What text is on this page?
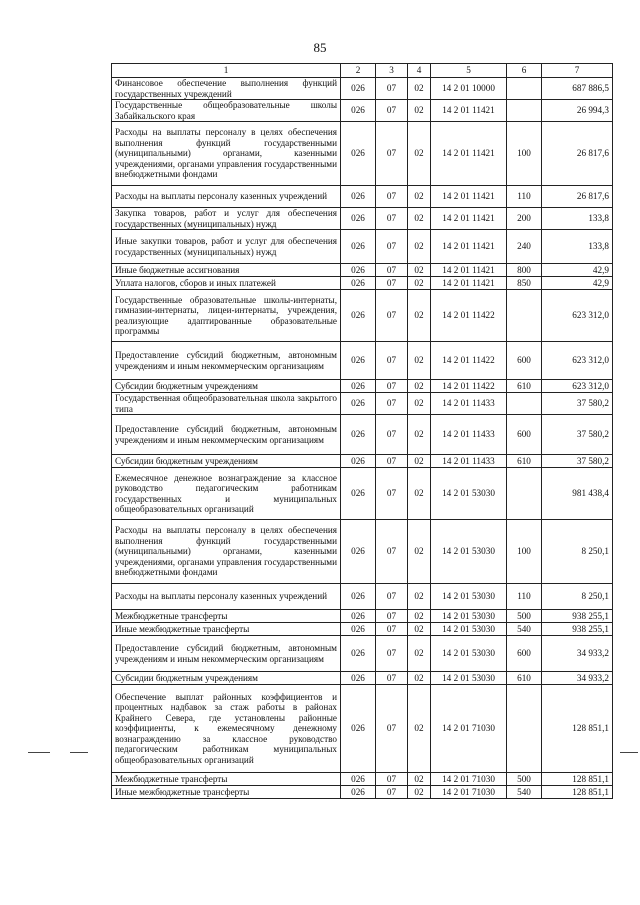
85
1	2	3	4	5	6	7
Финансовое обеспечение выполнения функций государственных учреждений	026	07	02	14 2 01 10000		687 886,5
Государственные общеобразовательные школы Забайкальского края	026	07	02	14 2 01 11421		26 994,3
Расходы на выплаты персоналу в целях обеспечения выполнения функций государственными (муниципальными) органами, казенными учреждениями, органами управления государственными внебюджетными фондами	026	07	02	14 2 01 11421	100	26 817,6
Расходы на выплаты персоналу казенных учреждений	026	07	02	14 2 01 11421	110	26 817,6
Закупка товаров, работ и услуг для обеспечения государственных (муниципальных) нужд	026	07	02	14 2 01 11421	200	133,8
Иные закупки товаров, работ и услуг для обеспечения государственных (муниципальных) нужд	026	07	02	14 2 01 11421	240	133,8
Иные бюджетные ассигнования	026	07	02	14 2 01 11421	800	42,9
Уплата налогов, сборов и иных платежей	026	07	02	14 2 01 11421	850	42,9
Государственные образовательные школы-интернаты, гимназии-интернаты, лицеи-интернаты, учреждения, реализующие адаптированные образовательные программы	026	07	02	14 2 01 11422		623 312,0
Предоставление субсидий бюджетным, автономным учреждениям и иным некоммерческим организациям	026	07	02	14 2 01 11422	600	623 312,0
Субсидии бюджетным учреждениям	026	07	02	14 2 01 11422	610	623 312,0
Государственная общеобразовательная школа закрытого типа	026	07	02	14 2 01 11433		37 580,2
Предоставление субсидий бюджетным, автономным учреждениям и иным некоммерческим организациям	026	07	02	14 2 01 11433	600	37 580,2
Субсидии бюджетным учреждениям	026	07	02	14 2 01 11433	610	37 580,2
Ежемесячное денежное вознаграждение за классное руководство педагогическим работникам государственных и муниципальных общеобразовательных организаций	026	07	02	14 2 01 53030		981 438,4
Расходы на выплаты персоналу в целях обеспечения выполнения функций государственными (муниципальными) органами, казенными учреждениями, органами управления государственными внебюджетными фондами	026	07	02	14 2 01 53030	100	8 250,1
Расходы на выплаты персоналу казенных учреждений	026	07	02	14 2 01 53030	110	8 250,1
Межбюджетные трансферты	026	07	02	14 2 01 53030	500	938 255,1
Иные межбюджетные трансферты	026	07	02	14 2 01 53030	540	938 255,1
Предоставление субсидий бюджетным, автономным учреждениям и иным некоммерческим организациям	026	07	02	14 2 01 53030	600	34 933,2
Субсидии бюджетным учреждениям	026	07	02	14 2 01 53030	610	34 933,2
Обеспечение выплат районных коэффициентов и процентных надбавок за стаж работы в районах Крайнего Севера, где установлены районные коэффициенты, к ежемесячному денежному вознаграждению за классное руководство педагогическим работникам муниципальных общеобразовательных организаций	026	07	02	14 2 01 71030		128 851,1
Межбюджетные трансферты	026	07	02	14 2 01 71030	500	128 851,1
Иные межбюджетные трансферты	026	07	02	14 2 01 71030	540	128 851,1
